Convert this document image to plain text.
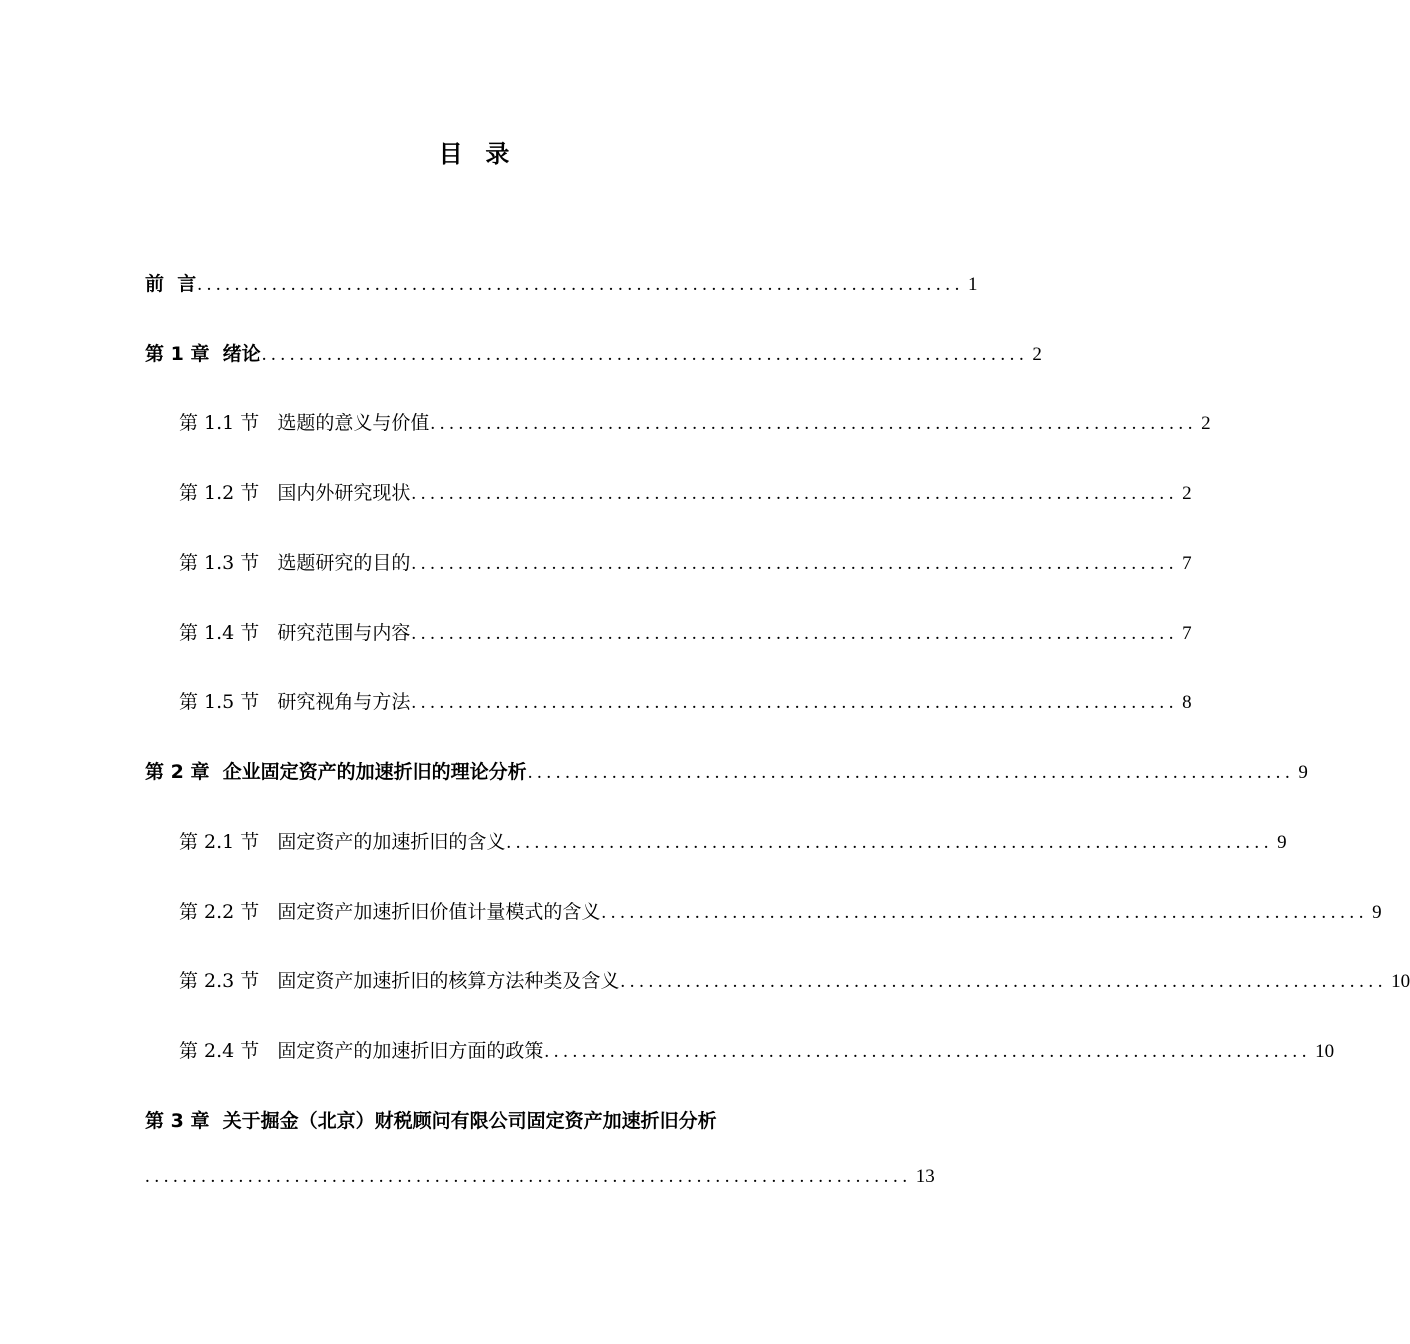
目  录
前  言 .................................................................................. 1
第 1 章  绪论 .................................................................................. 2
第 1.1 节   选题的意义与价值 .................................................................................. 2
第 1.2 节   国内外研究现状 .................................................................................. 2
第 1.3 节   选题研究的目的 .................................................................................. 7
第 1.4 节   研究范围与内容 .................................................................................. 7
第 1.5 节   研究视角与方法 .................................................................................. 8
第 2 章  企业固定资产的加速折旧的理论分析 .................................................................................. 9
第 2.1 节   固定资产的加速折旧的含义 .................................................................................. 9
第 2.2 节   固定资产加速折旧价值计量模式的含义 .................................................................................. 9
第 2.3 节   固定资产加速折旧的核算方法种类及含义 .................................................................................. 10
第 2.4 节   固定资产的加速折旧方面的政策 .................................................................................. 10
第 3 章  关于掘金（北京）财税顾问有限公司固定资产加速折旧分析
.................................................................................. 13
